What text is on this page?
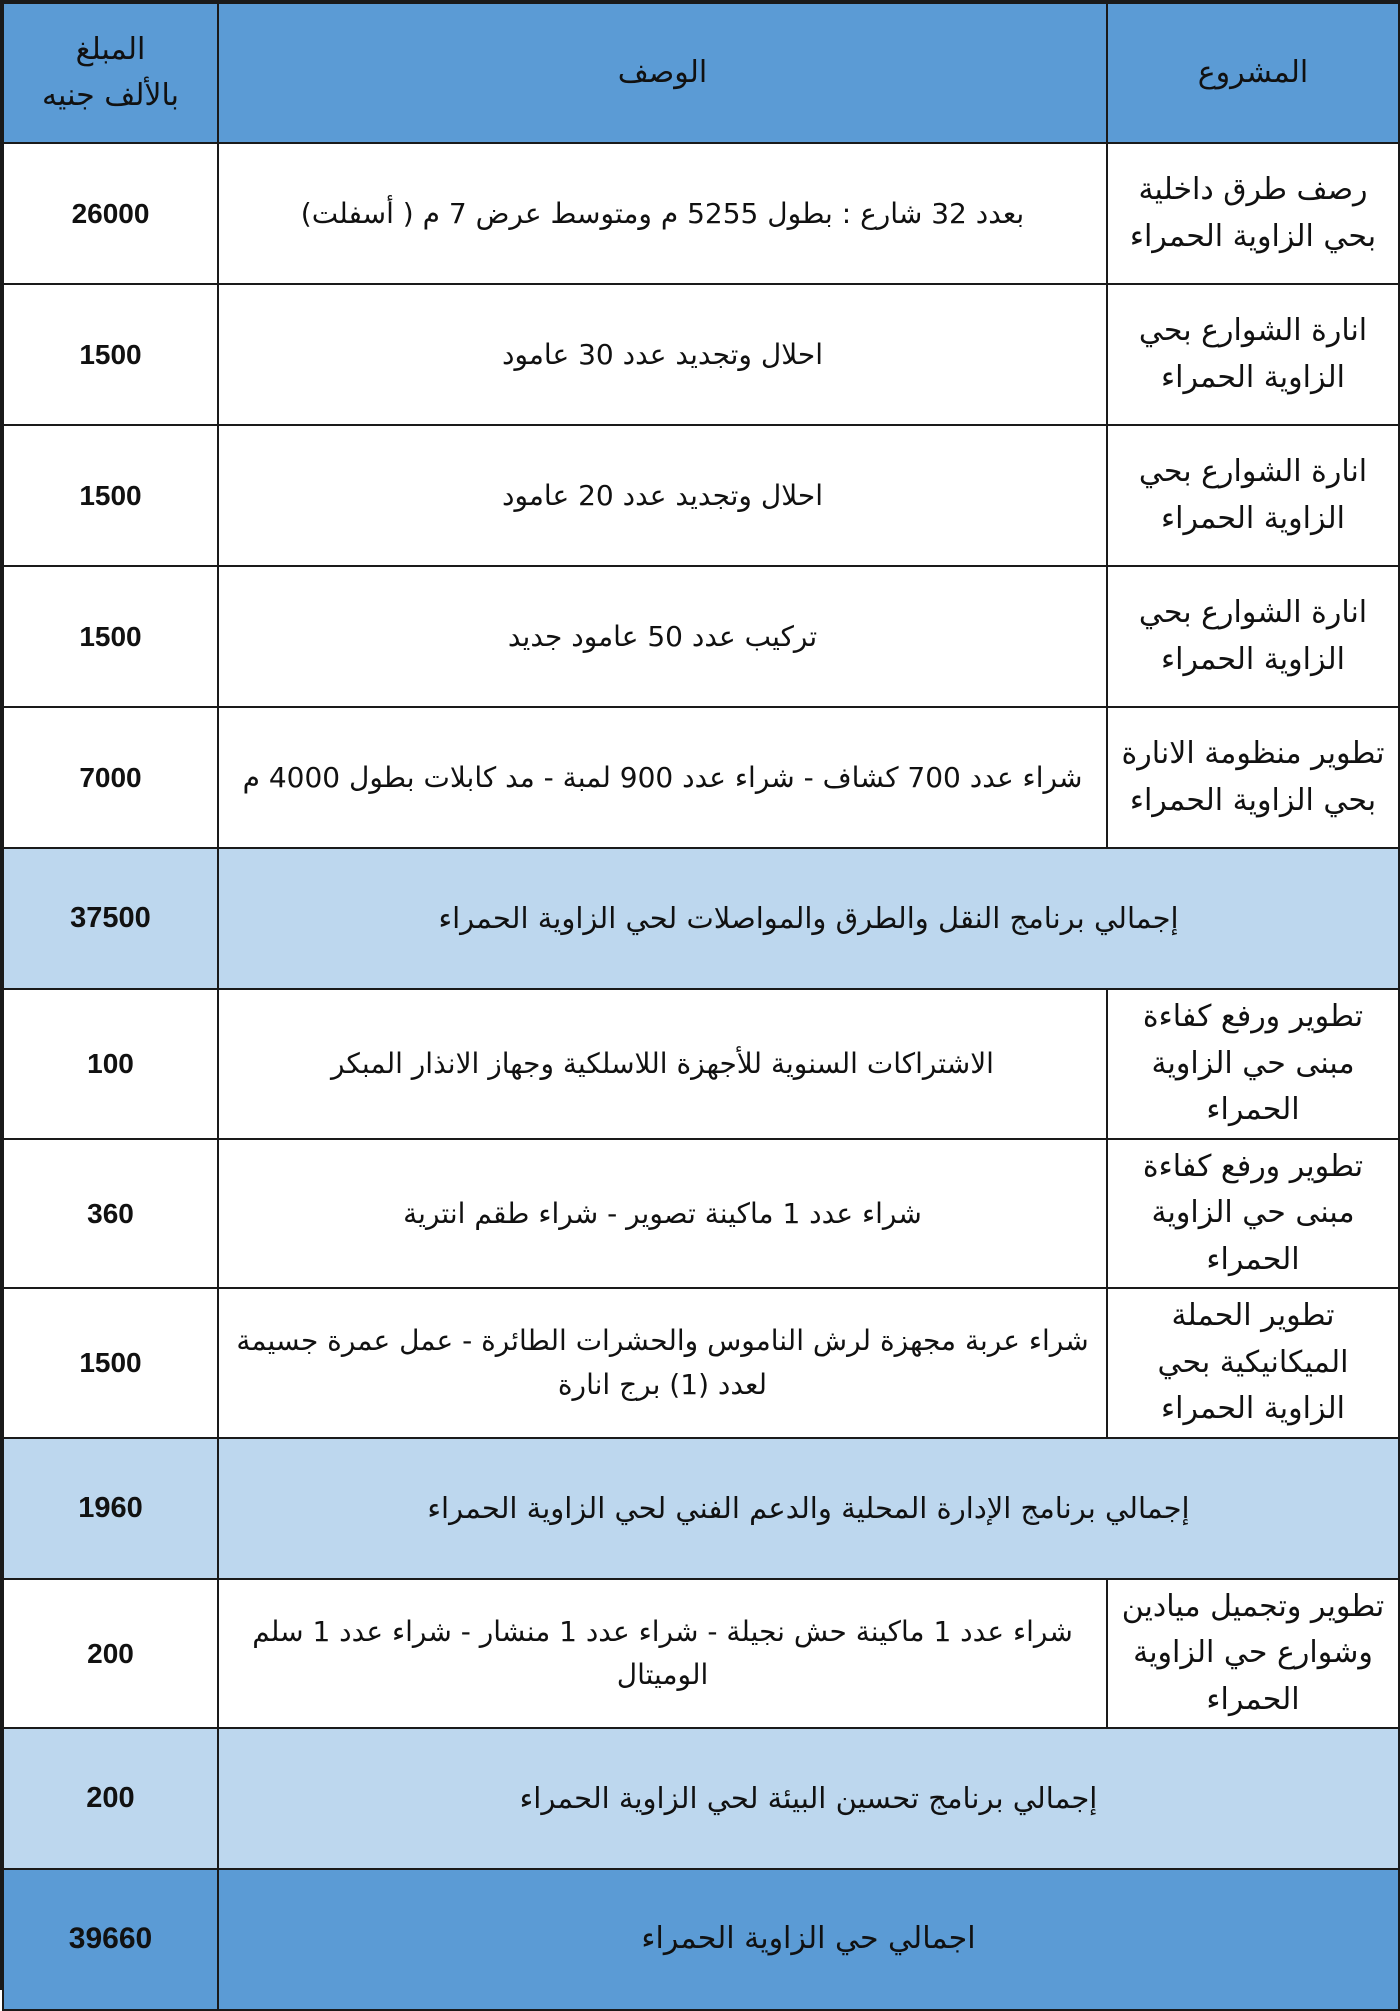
المشروع	الوصف	المبلغ
بالألف جنيه

رصف طرق داخلية بحي الزاوية الحمراء	بعدد 32 شارع : بطول 5255 م ومتوسط عرض 7 م ( أسفلت)	26000
انارة الشوارع بحي الزاوية الحمراء	احلال وتجديد عدد 30 عامود	1500
انارة الشوارع بحي الزاوية الحمراء	احلال وتجديد عدد 20 عامود	1500
انارة الشوارع بحي الزاوية الحمراء	تركيب عدد 50 عامود جديد	1500
تطوير منظومة الانارة بحي الزاوية الحمراء	شراء عدد 700 كشاف - شراء عدد 900 لمبة - مد كابلات بطول 4000 م	7000
إجمالي برنامج النقل والطرق والمواصلات لحي الزاوية الحمراء		37500
تطوير ورفع كفاءة مبنى حي الزاوية الحمراء	الاشتراكات السنوية للأجهزة اللاسلكية وجهاز الانذار المبكر	100
تطوير ورفع كفاءة مبنى حي الزاوية الحمراء	شراء عدد 1 ماكينة تصوير - شراء طقم انترية	360
تطوير الحملة الميكانيكية بحي الزاوية الحمراء	شراء عربة مجهزة لرش الناموس والحشرات الطائرة - عمل عمرة جسيمة لعدد (1) برج انارة	1500
إجمالي برنامج الإدارة المحلية والدعم الفني لحي الزاوية الحمراء		1960
تطوير وتجميل ميادين وشوارع حي الزاوية الحمراء	شراء عدد 1 ماكينة حش نجيلة - شراء عدد 1 منشار - شراء عدد 1 سلم الوميتال	200
إجمالي برنامج تحسين البيئة لحي الزاوية الحمراء		200
اجمالي حي الزاوية الحمراء		39660
